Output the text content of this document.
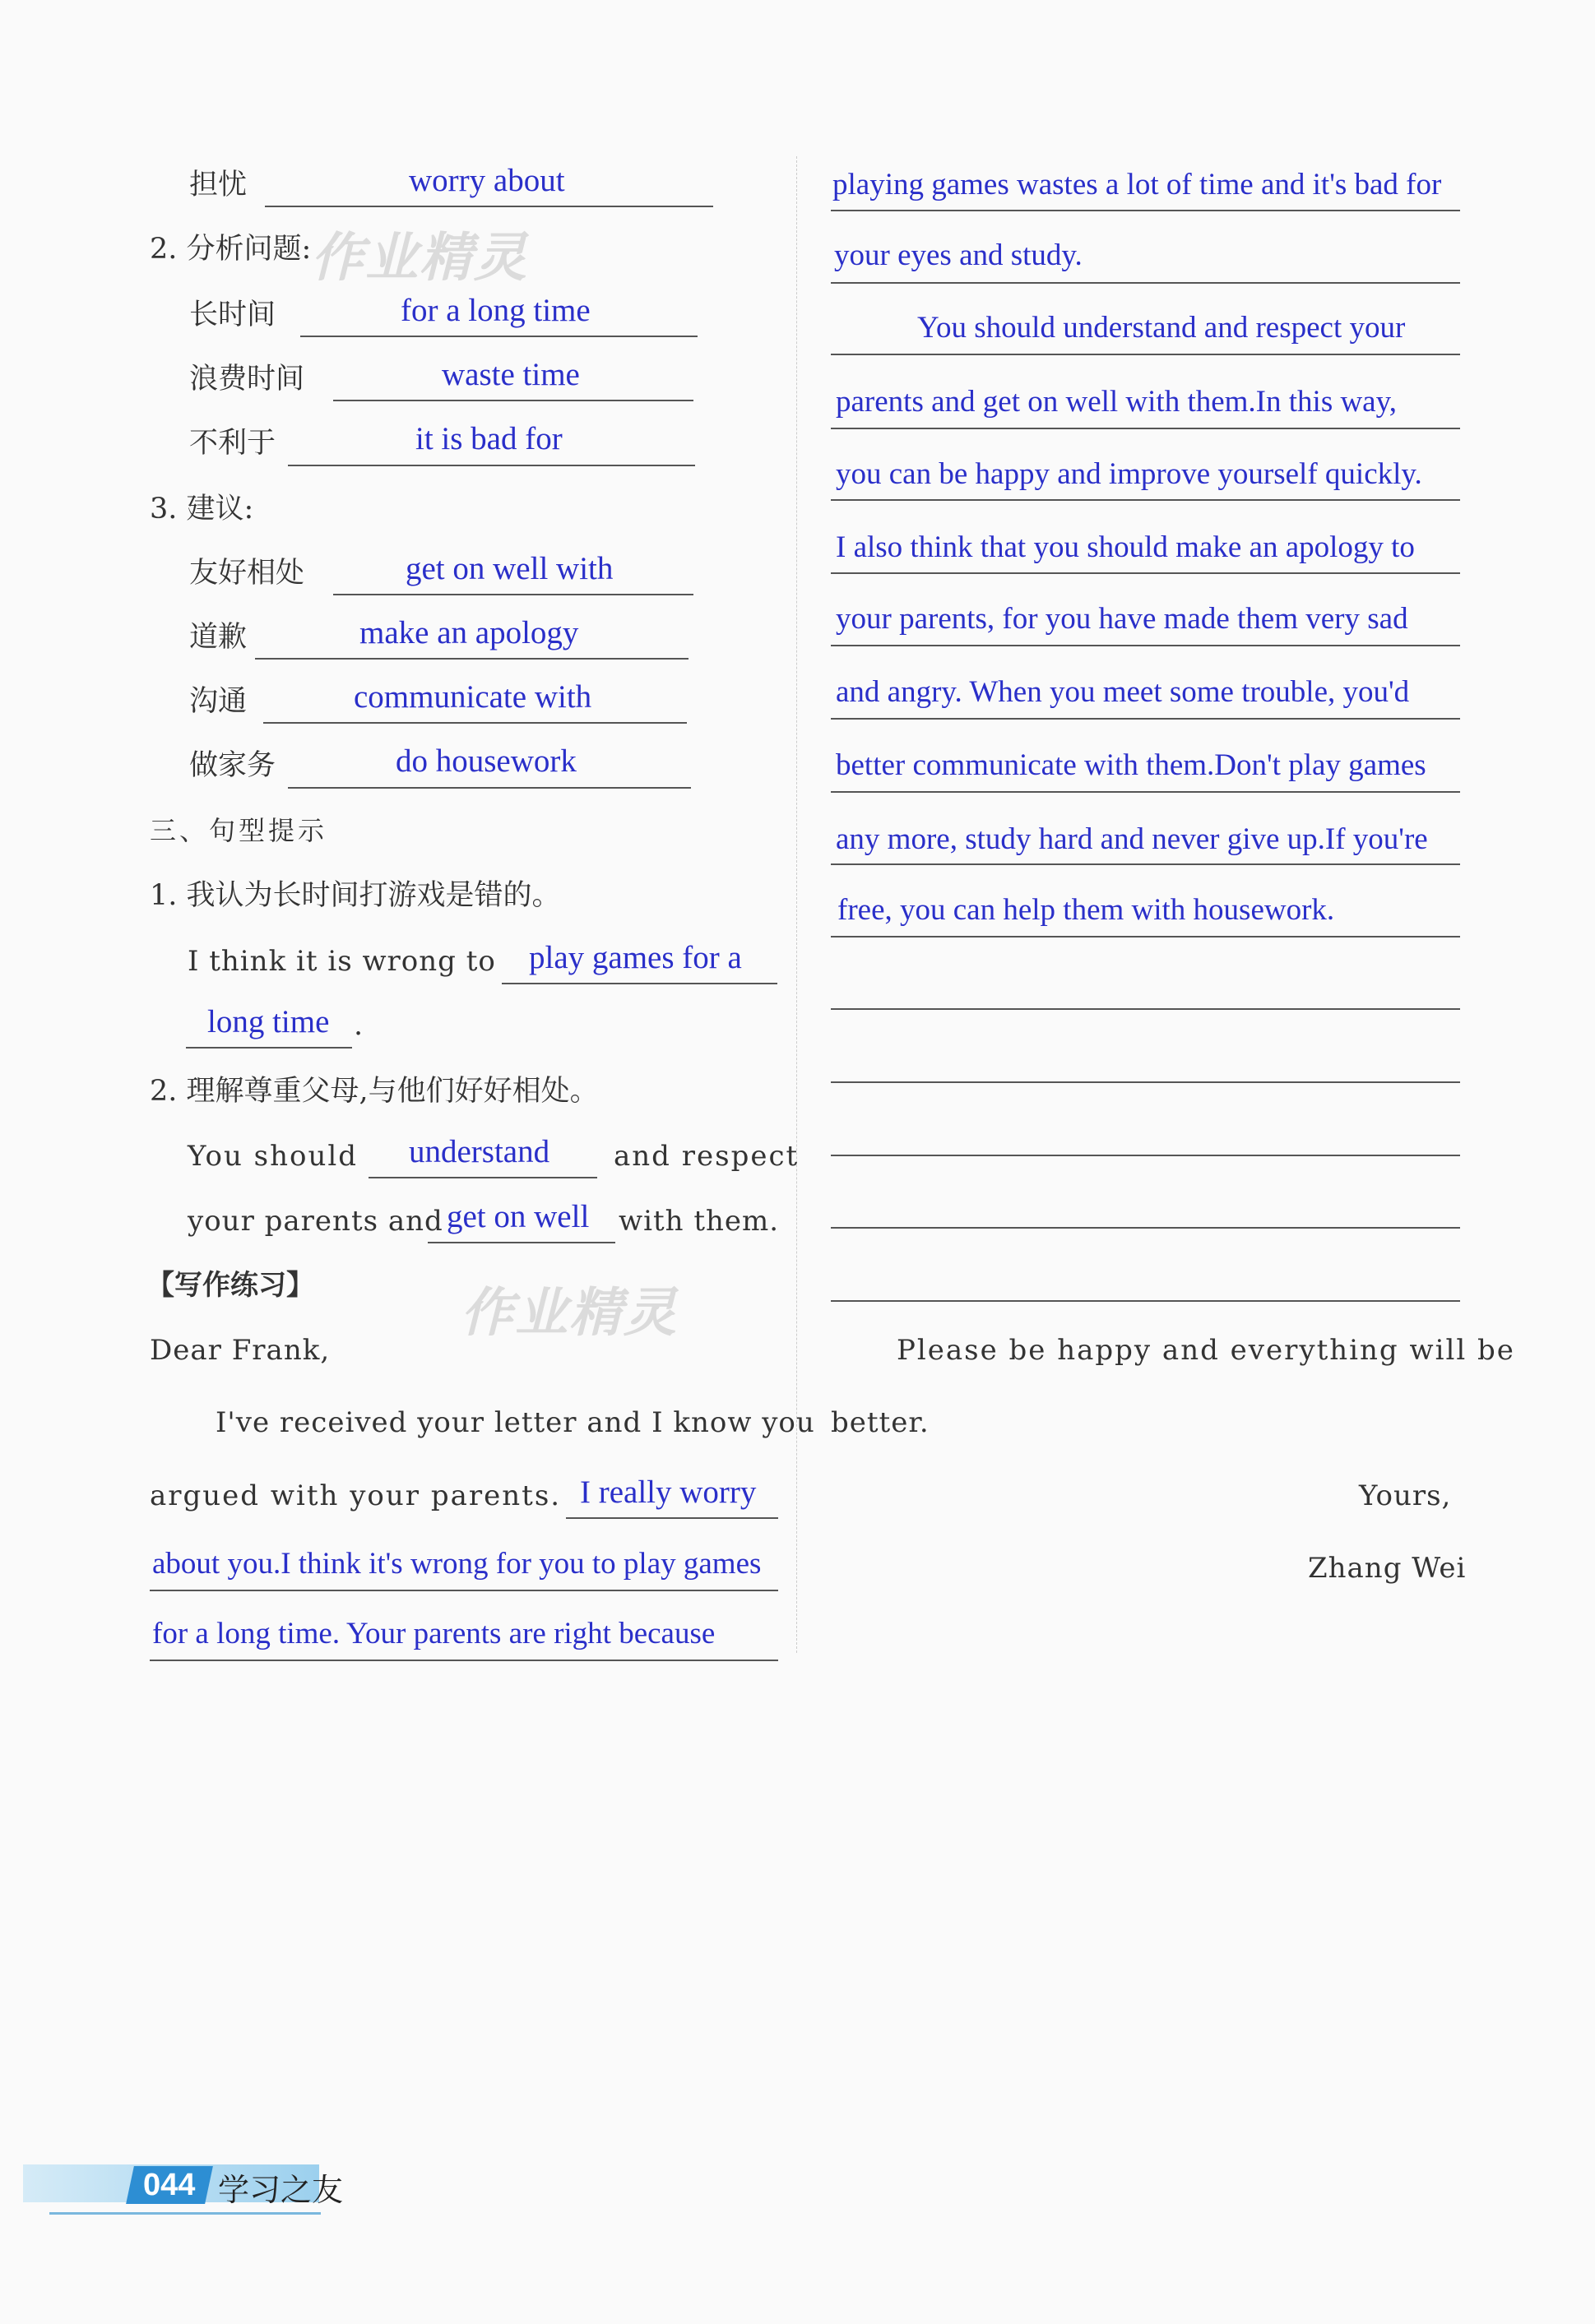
作业精灵
作业精灵
担忧	worry about
2. 分析问题:
长时间	for a long time
浪费时间	waste time
不利于	it is bad for
3. 建议:
友好相处	get on well with
道歉	make an apology
沟通	communicate with
做家务	do housework
三、句型提示
1. 我认为长时间打游戏是错的。
I think it is wrong to play games for a
long time .
2. 理解尊重父母,与他们好好相处。
You should understand and respect
your parents and get on well with them.
【写作练习】
Dear Frank,
I've received your letter and I know you
argued with your parents. I really worry
about you.I think it's wrong for you to play games
for a long time. Your parents are right because
playing games wastes a lot of time and it's bad for
your eyes and study.
You should understand and respect your
parents and get on well with them.In this way,
you can be happy and improve yourself quickly.
I also think that you should make an apology to
your parents, for you have made them very sad
and angry. When you meet some trouble, you'd
better communicate with them.Don't play games
any more, study hard and never give up.If you're
free, you can help them with housework.
Please be happy and everything will be
better.
Yours,
Zhang Wei
044 学习之友
